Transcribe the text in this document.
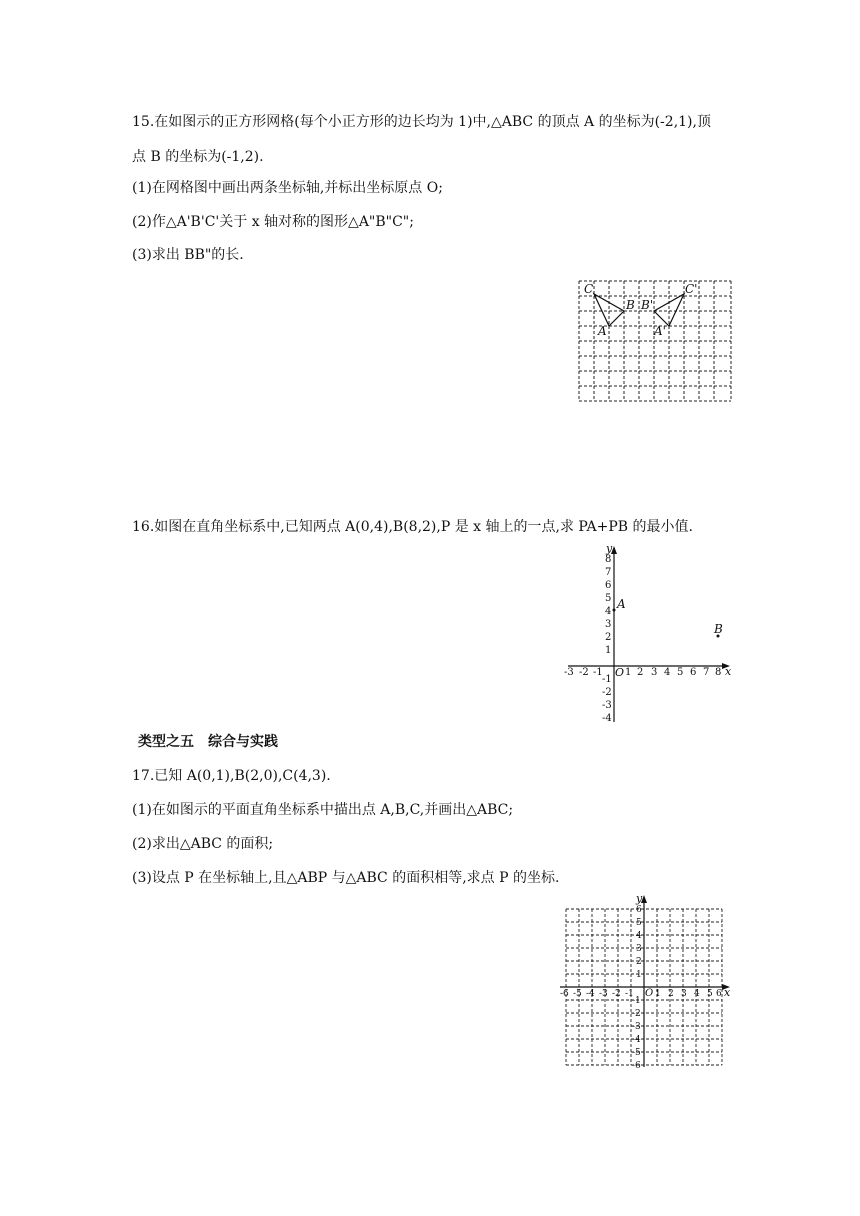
15.在如图示的正方形网格(每个小正方形的边长均为 1)中,△ABC 的顶点 A 的坐标为(-2,1),顶
点 B 的坐标为(-1,2).
(1)在网格图中画出两条坐标轴,并标出坐标原点 O;
(2)作△A'B'C'关于 x 轴对称的图形△A"B"C";
(3)求出 BB"的长.
C
B
A
B'
C'
A'
16.如图在直角坐标系中,已知两点 A(0,4),B(8,2),P 是 x 轴上的一点,求 PA+PB 的最小值.
x
y
O
-3 -2 -1 1 2 3 4 5 6 7 8
8
7
6
5
4
3
2
1
-1
-2
-3
-4
A
B
类型之五　综合与实践
17.已知 A(0,1),B(2,0),C(4,3).
(1)在如图示的平面直角坐标系中描出点 A,B,C,并画出△ABC;
(2)求出△ABC 的面积;
(3)设点 P 在坐标轴上,且△ABP 与△ABC 的面积相等,求点 P 的坐标.
x
y
O
-6 -5 -4 -3 -2 -1 1 2 3 4 5 6
6
5
4
3
2
1
-1
-2
-3
-4
-5
-6
